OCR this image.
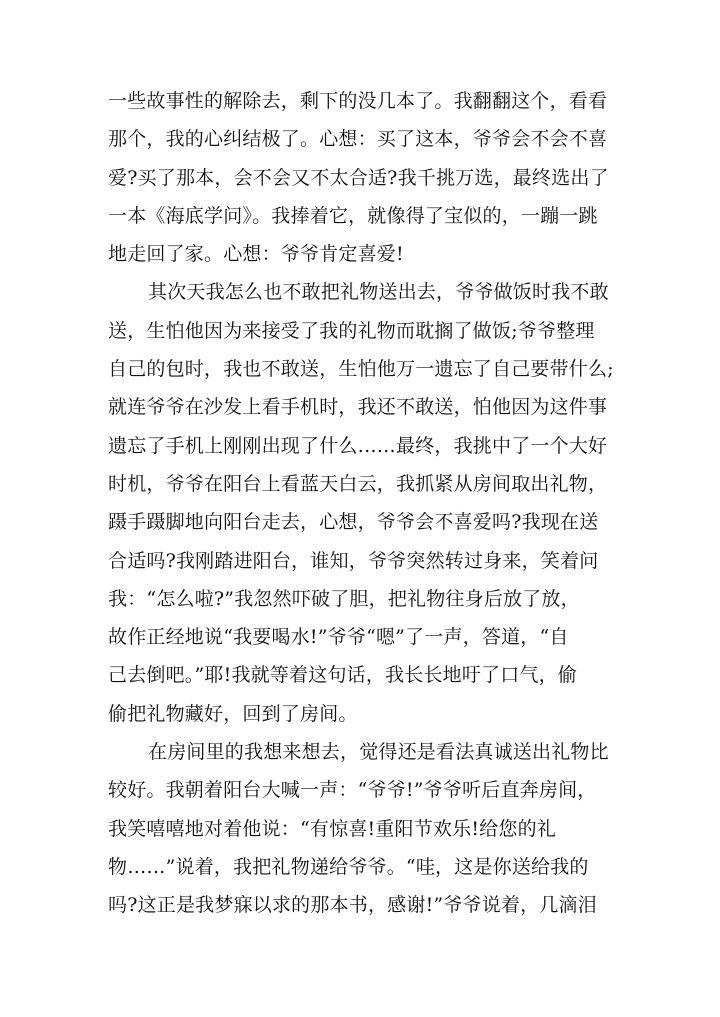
一些故事性的解除去，剩下的没几本了。我翻翻这个，看看
那个，我的心纠结极了。心想：买了这本，爷爷会不会不喜
爱?买了那本，会不会又不太合适?我千挑万选，最终选出了
一本《海底学问》。我捧着它，就像得了宝似的，一蹦一跳
地走回了家。心想：爷爷肯定喜爱!
其次天我怎么也不敢把礼物送出去，爷爷做饭时我不敢
送，生怕他因为来接受了我的礼物而耽搁了做饭;爷爷整理
自己的包时，我也不敢送，生怕他万一遗忘了自己要带什么;
就连爷爷在沙发上看手机时，我还不敢送，怕他因为这件事
遗忘了手机上刚刚出现了什么……最终，我挑中了一个大好
时机，爷爷在阳台上看蓝天白云，我抓紧从房间取出礼物，
蹑手蹑脚地向阳台走去，心想，爷爷会不喜爱吗?我现在送
合适吗?我刚踏进阳台，谁知，爷爷突然转过身来，笑着问
我：“怎么啦?”我忽然吓破了胆，把礼物往身后放了放，
故作正经地说“我要喝水!”爷爷“嗯”了一声，答道，“自
己去倒吧。”耶!我就等着这句话，我长长地吁了口气，偷
偷把礼物藏好，回到了房间。
在房间里的我想来想去，觉得还是看法真诚送出礼物比
较好。我朝着阳台大喊一声：“爷爷!”爷爷听后直奔房间，
我笑嘻嘻地对着他说：“有惊喜!重阳节欢乐!给您的礼
物……”说着，我把礼物递给爷爷。“哇，这是你送给我的
吗?这正是我梦寐以求的那本书，感谢!”爷爷说着，几滴泪
